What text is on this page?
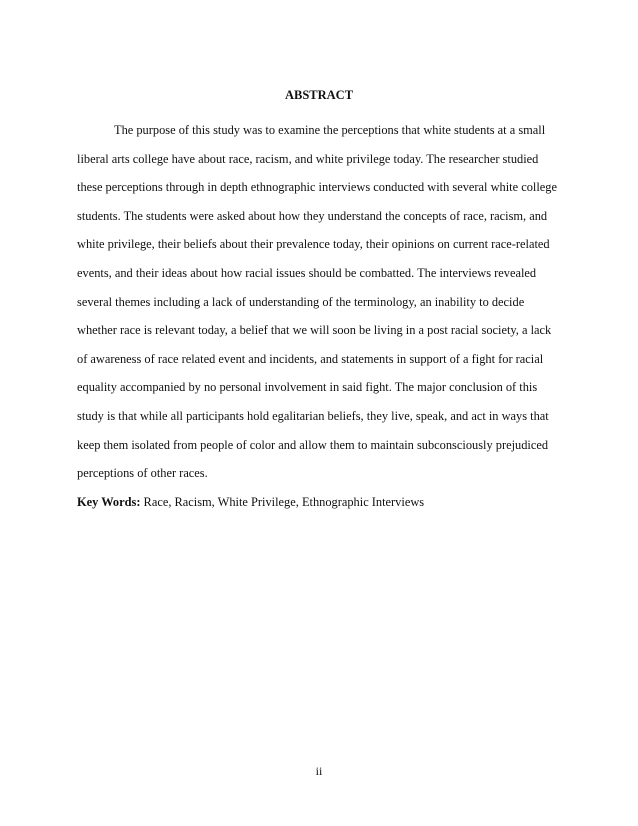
ABSTRACT
The purpose of this study was to examine the perceptions that white students at a small
liberal arts college have about race, racism, and white privilege today. The researcher studied
these perceptions through in depth ethnographic interviews conducted with several white college
students. The students were asked about how they understand the concepts of race, racism, and
white privilege, their beliefs about their prevalence today, their opinions on current race-related
events, and their ideas about how racial issues should be combatted. The interviews revealed
several themes including a lack of understanding of the terminology, an inability to decide
whether race is relevant today, a belief that we will soon be living in a post racial society, a lack
of awareness of race related event and incidents, and statements in support of a fight for racial
equality accompanied by no personal involvement in said fight. The major conclusion of this
study is that while all participants hold egalitarian beliefs, they live, speak, and act in ways that
keep them isolated from people of color and allow them to maintain subconsciously prejudiced
perceptions of other races.
Key Words: Race, Racism, White Privilege, Ethnographic Interviews
ii
